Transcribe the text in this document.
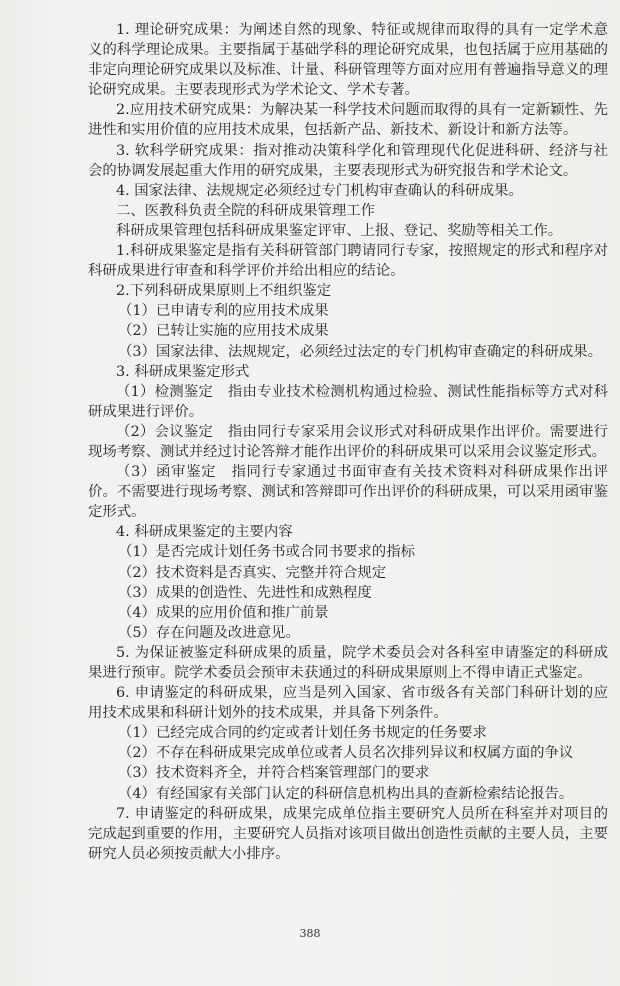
1. 理论研究成果：为阐述自然的现象、特征或规律而取得的具有一定学术意义的科学理论成果。主要指属于基础学科的理论研究成果，也包括属于应用基础的非定向理论研究成果以及标准、计量、科研管理等方面对应用有普遍指导意义的理论研究成果。主要表现形式为学术论文、学术专著。

2.应用技术研究成果：为解决某一科学技术问题而取得的具有一定新颖性、先进性和实用价值的应用技术成果，包括新产品、新技术、新设计和新方法等。

3. 软科学研究成果：指对推动决策科学化和管理现代化促进科研、经济与社会的协调发展起重大作用的研究成果，主要表现形式为研究报告和学术论文。

4. 国家法律、法规规定必须经过专门机构审查确认的科研成果。

二、医教科负责全院的科研成果管理工作

科研成果管理包括科研成果鉴定评审、上报、登记、奖励等相关工作。

1.科研成果鉴定是指有关科研管部门聘请同行专家，按照规定的形式和程序对科研成果进行审查和科学评价并给出相应的结论。

2.下列科研成果原则上不组织鉴定

（1）已申请专利的应用技术成果

（2）已转让实施的应用技术成果

（3）国家法律、法规规定，必须经过法定的专门机构审查确定的科研成果。

3. 科研成果鉴定形式

（1）检测鉴定　指由专业技术检测机构通过检验、测试性能指标等方式对科研成果进行评价。

（2）会议鉴定　指由同行专家采用会议形式对科研成果作出评价。需要进行现场考察、测试并经过讨论答辩才能作出评价的科研成果可以采用会议鉴定形式。

（3）函审鉴定　指同行专家通过书面审查有关技术资料对科研成果作出评价。不需要进行现场考察、测试和答辩即可作出评价的科研成果，可以采用函审鉴定形式。

4. 科研成果鉴定的主要内容

（1）是否完成计划任务书或合同书要求的指标

（2）技术资料是否真实、完整并符合规定

（3）成果的创造性、先进性和成熟程度

（4）成果的应用价值和推广前景

（5）存在问题及改进意见。

5. 为保证被鉴定科研成果的质量，院学术委员会对各科室申请鉴定的科研成果进行预审。院学术委员会预审未获通过的科研成果原则上不得申请正式鉴定。

6. 申请鉴定的科研成果，应当是列入国家、省市级各有关部门科研计划的应用技术成果和科研计划外的技术成果，并具备下列条件。

（1）已经完成合同的约定或者计划任务书规定的任务要求

（2）不存在科研成果完成单位或者人员名次排列异议和权属方面的争议

（3）技术资料齐全，并符合档案管理部门的要求

（4）有经国家有关部门认定的科研信息机构出具的查新检索结论报告。

7. 申请鉴定的科研成果，成果完成单位指主要研究人员所在科室并对项目的完成起到重要的作用，主要研究人员指对该项目做出创造性贡献的主要人员，主要研究人员必须按贡献大小排序。

388
